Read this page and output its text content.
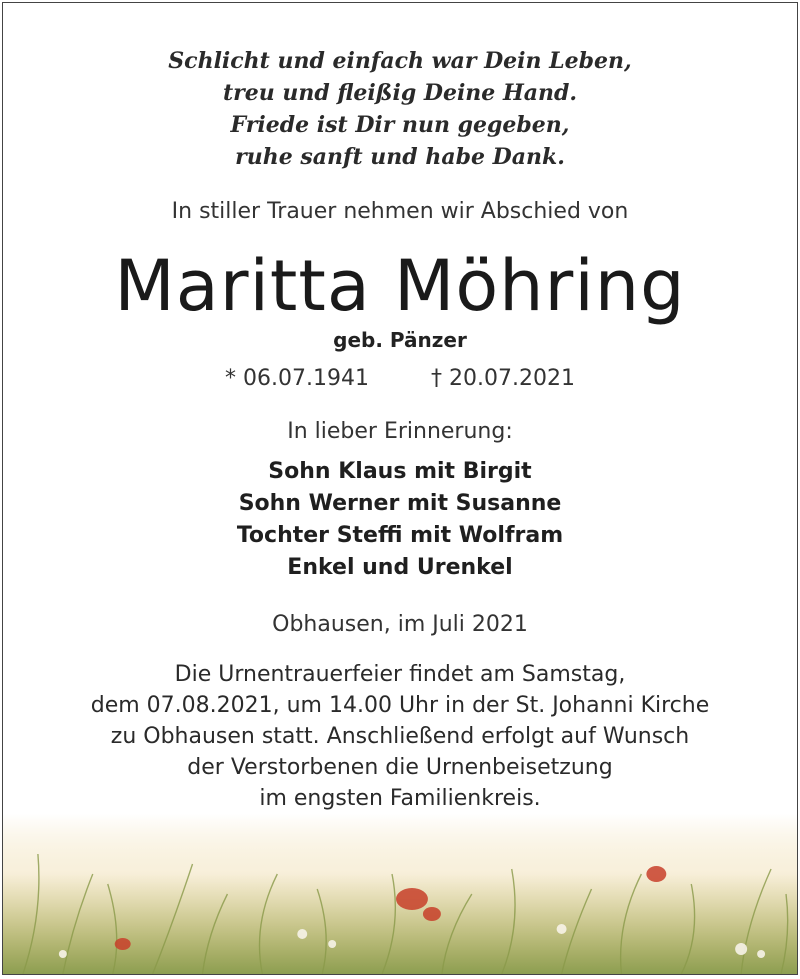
Schlicht und einfach war Dein Leben,
treu und fleißig Deine Hand.
Friede ist Dir nun gegeben,
ruhe sanft und habe Dank.
In stiller Trauer nehmen wir Abschied von
Maritta Möhring
geb. Pänzer
* 06.07.1941	† 20.07.2021
In lieber Erinnerung:
Sohn Klaus mit Birgit
Sohn Werner mit Susanne
Tochter Steffi mit Wolfram
Enkel und Urenkel
Obhausen, im Juli 2021
Die Urnentrauerfeier findet am Samstag,
dem 07.08.2021, um 14.00 Uhr in der St. Johanni Kirche
zu Obhausen statt. Anschließend erfolgt auf Wunsch
der Verstorbenen die Urnenbeisetzung
im engsten Familienkreis.
